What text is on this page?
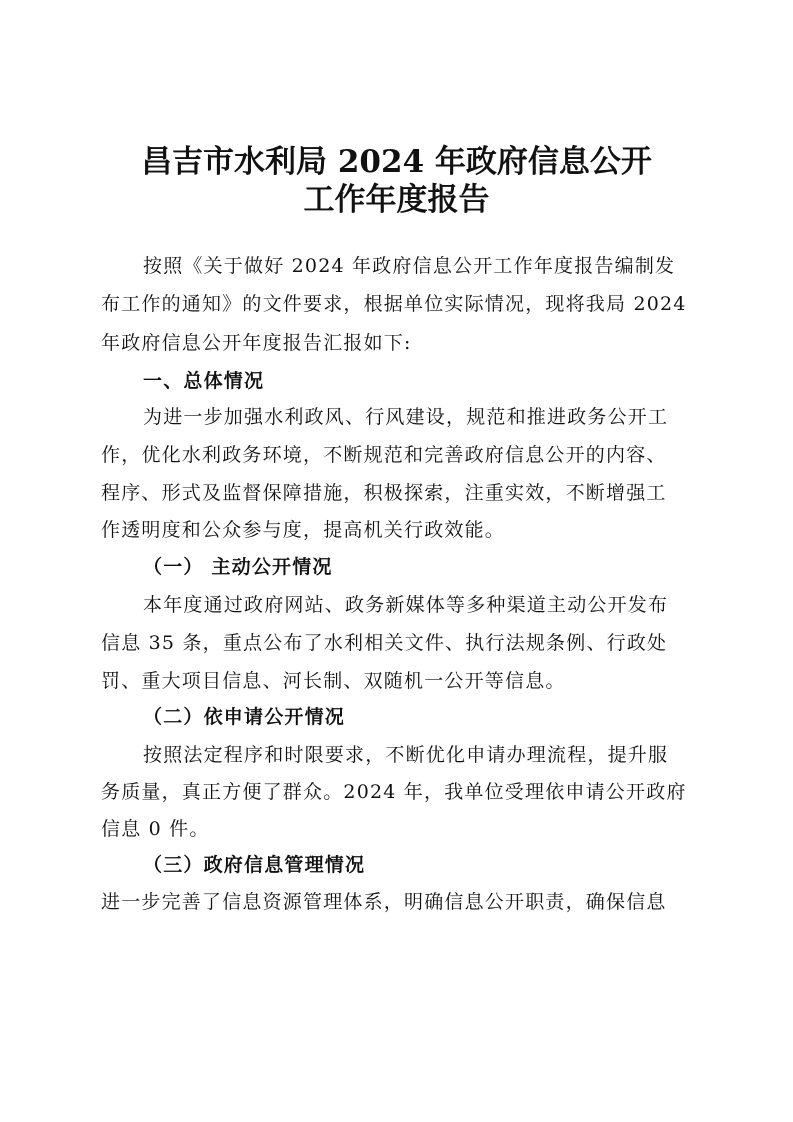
昌吉市水利局 2024 年政府信息公开
工作年度报告
按照《关于做好 2024 年政府信息公开工作年度报告编制发
布工作的通知》的文件要求，根据单位实际情况，现将我局 2024
年政府信息公开年度报告汇报如下:
一、总体情况
为进一步加强水利政风、行风建设，规范和推进政务公开工
作，优化水利政务环境，不断规范和完善政府信息公开的内容、
程序、形式及监督保障措施，积极探索，注重实效，不断增强工
作透明度和公众参与度，提高机关行政效能。
（一） 主动公开情况
本年度通过政府网站、政务新媒体等多种渠道主动公开发布
信息 35 条，重点公布了水利相关文件、执行法规条例、行政处
罚、重大项目信息、河长制、双随机一公开等信息。
（二）依申请公开情况
按照法定程序和时限要求，不断优化申请办理流程，提升服
务质量，真正方便了群众。2024 年，我单位受理依申请公开政府
信息 0 件。
（三）政府信息管理情况
进一步完善了信息资源管理体系，明确信息公开职责，确保信息
